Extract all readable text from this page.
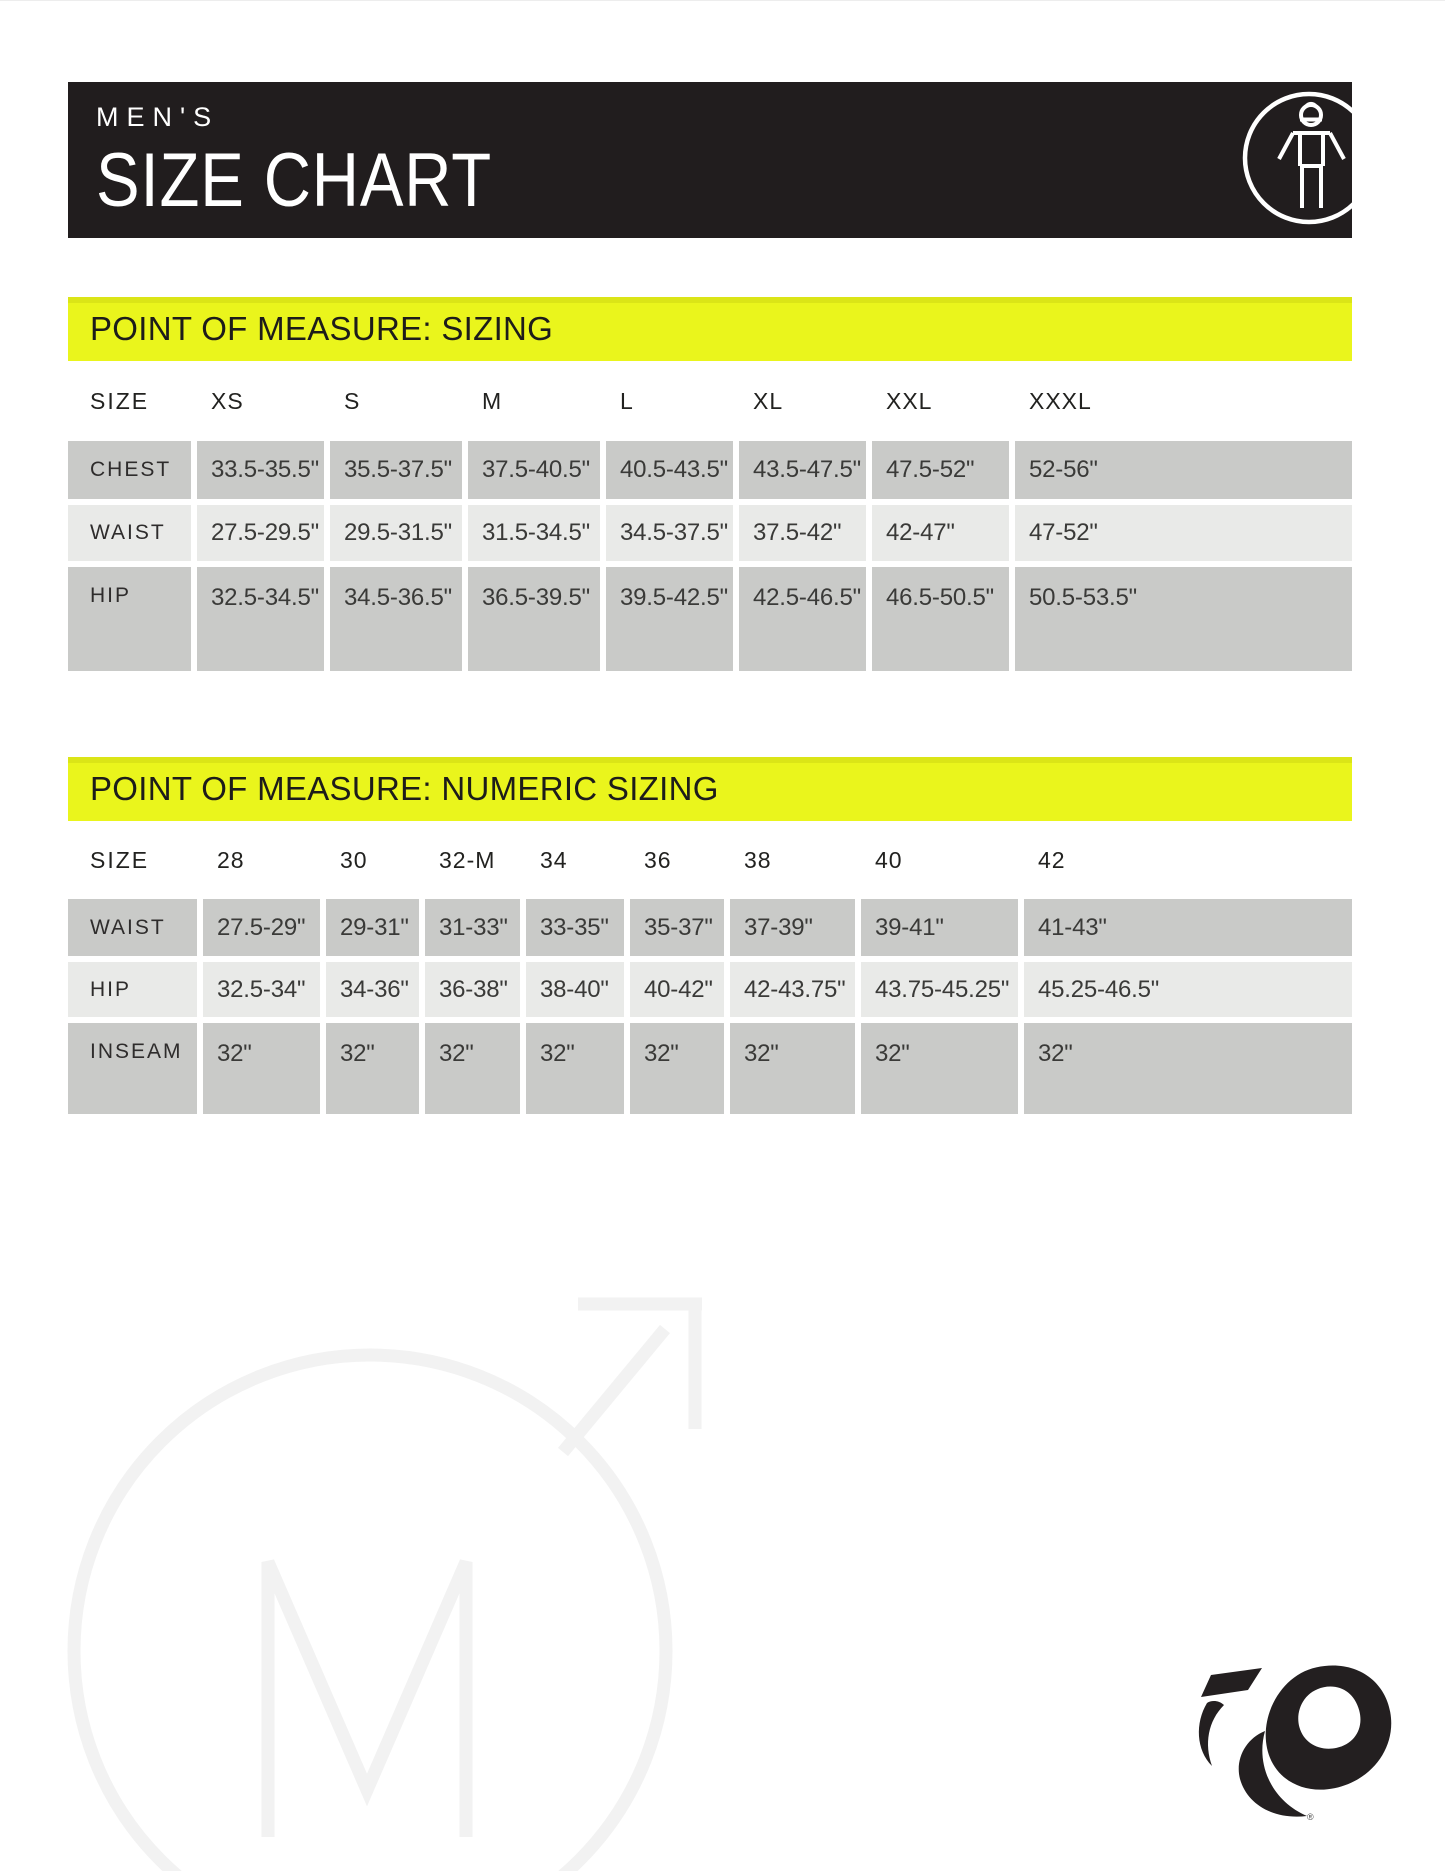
MEN'S
SIZE CHART
POINT OF MEASURE: SIZING
SIZE	XS	S	M	L	XL	XXL	XXXL
CHEST	33.5-35.5"	35.5-37.5"	37.5-40.5"	40.5-43.5"	43.5-47.5"	47.5-52"	52-56"
WAIST	27.5-29.5"	29.5-31.5"	31.5-34.5"	34.5-37.5"	37.5-42"	42-47"	47-52"
HIP	32.5-34.5"	34.5-36.5"	36.5-39.5"	39.5-42.5"	42.5-46.5"	46.5-50.5"	50.5-53.5"
POINT OF MEASURE: NUMERIC SIZING
SIZE	28	30	32-M	34	36	38	40	42
WAIST	27.5-29"	29-31"	31-33"	33-35"	35-37"	37-39"	39-41"	41-43"
HIP	32.5-34"	34-36"	36-38"	38-40"	40-42"	42-43.75"	43.75-45.25"	45.25-46.5"
INSEAM	32"	32"	32"	32"	32"	32"	32"	32"
®
